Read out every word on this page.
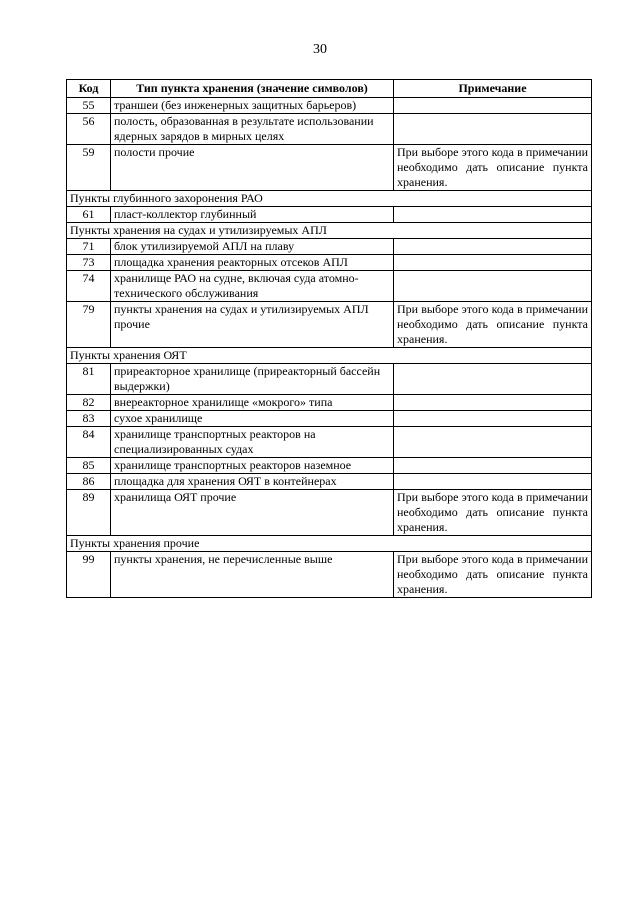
30
Код	Тип пункта хранения (значение символов)	Примечание
55	траншеи (без инженерных защитных барьеров)	
56	полость, образованная в результате использовании ядерных зарядов в мирных целях	
59	полости прочие	При выборе этого кода в примечании необходимо дать описание пункта хранения.
Пункты глубинного захоронения РАО		
61	пласт-коллектор глубинный	
Пункты хранения на судах и утилизируемых АПЛ		
71	блок утилизируемой АПЛ на плаву	
73	площадка хранения реакторных отсеков АПЛ	
74	хранилище РАО на судне, включая суда атомно-технического обслуживания	
79	пункты хранения на судах и утилизируемых АПЛ прочие	При выборе этого кода в примечании необходимо дать описание пункта хранения.
Пункты хранения ОЯТ		
81	приреакторное хранилище (приреакторный бассейн выдержки)	
82	внереакторное хранилище «мокрого» типа	
83	сухое хранилище	
84	хранилище транспортных реакторов на специализированных судах	
85	хранилище транспортных реакторов наземное	
86	площадка для хранения ОЯТ в контейнерах	
89	хранилища ОЯТ прочие	При выборе этого кода в примечании необходимо дать описание пункта хранения.
Пункты хранения прочие		
99	пункты хранения, не перечисленные выше	При выборе этого кода в примечании необходимо дать описание пункта хранения.
